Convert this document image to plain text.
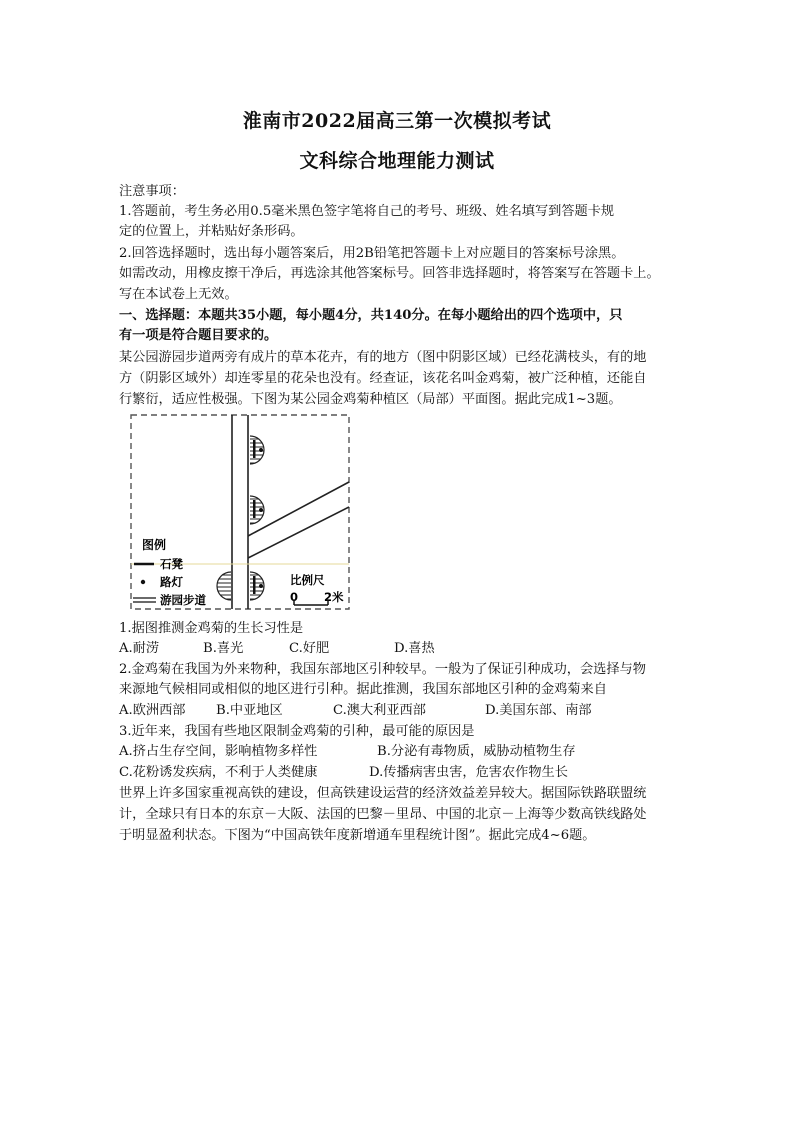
淮南市2022届高三第一次模拟考试
文科综合地理能力测试
注意事项：
1.答题前，考生务必用0.5毫米黑色签字笔将自己的考号、班级、姓名填写到答题卡规
定的位置上，并粘贴好条形码。
2.回答选择题时，选出每小题答案后，用2B铅笔把答题卡上对应题目的答案标号涂黑。
如需改动，用橡皮擦干净后，再选涂其他答案标号。回答非选择题时，将答案写在答题卡上。
写在本试卷上无效。
一、选择题：本题共35小题，每小题4分，共140分。在每小题给出的四个选项中，只
有一项是符合题目要求的。
某公园游园步道两旁有成片的草本花卉，有的地方（图中阴影区域）已经花满枝头，有的地
方（阴影区域外）却连零星的花朵也没有。经查证，该花名叫金鸡菊，被广泛种植，还能自
行繁衍，适应性极强。下图为某公园金鸡菊种植区（局部）平面图。据此完成1~3题。
图例
石凳
路灯
游园步道
比例尺
0 2米
1.据图推测金鸡菊的生长习性是
A.耐涝	B.喜光	C.好肥	D.喜热
2.金鸡菊在我国为外来物种，我国东部地区引种较早。一般为了保证引种成功，会选择与物
来源地气候相同或相似的地区进行引种。据此推测，我国东部地区引种的金鸡菊来自
A.欧洲西部 B.中亚地区	C.澳大利亚西部	D.美国东部、南部
3.近年来，我国有些地区限制金鸡菊的引种，最可能的原因是
A.挤占生存空间，影响植物多样性	B.分泌有毒物质，威胁动植物生存
C.花粉诱发疾病，不利于人类健康	D.传播病害虫害，危害农作物生长
世界上许多国家重视高铁的建设，但高铁建设运营的经济效益差异较大。据国际铁路联盟统
计，全球只有日本的东京－大阪、法国的巴黎－里昂、中国的北京－上海等少数高铁线路处
于明显盈利状态。下图为“中国高铁年度新增通车里程统计图”。据此完成4~6题。
